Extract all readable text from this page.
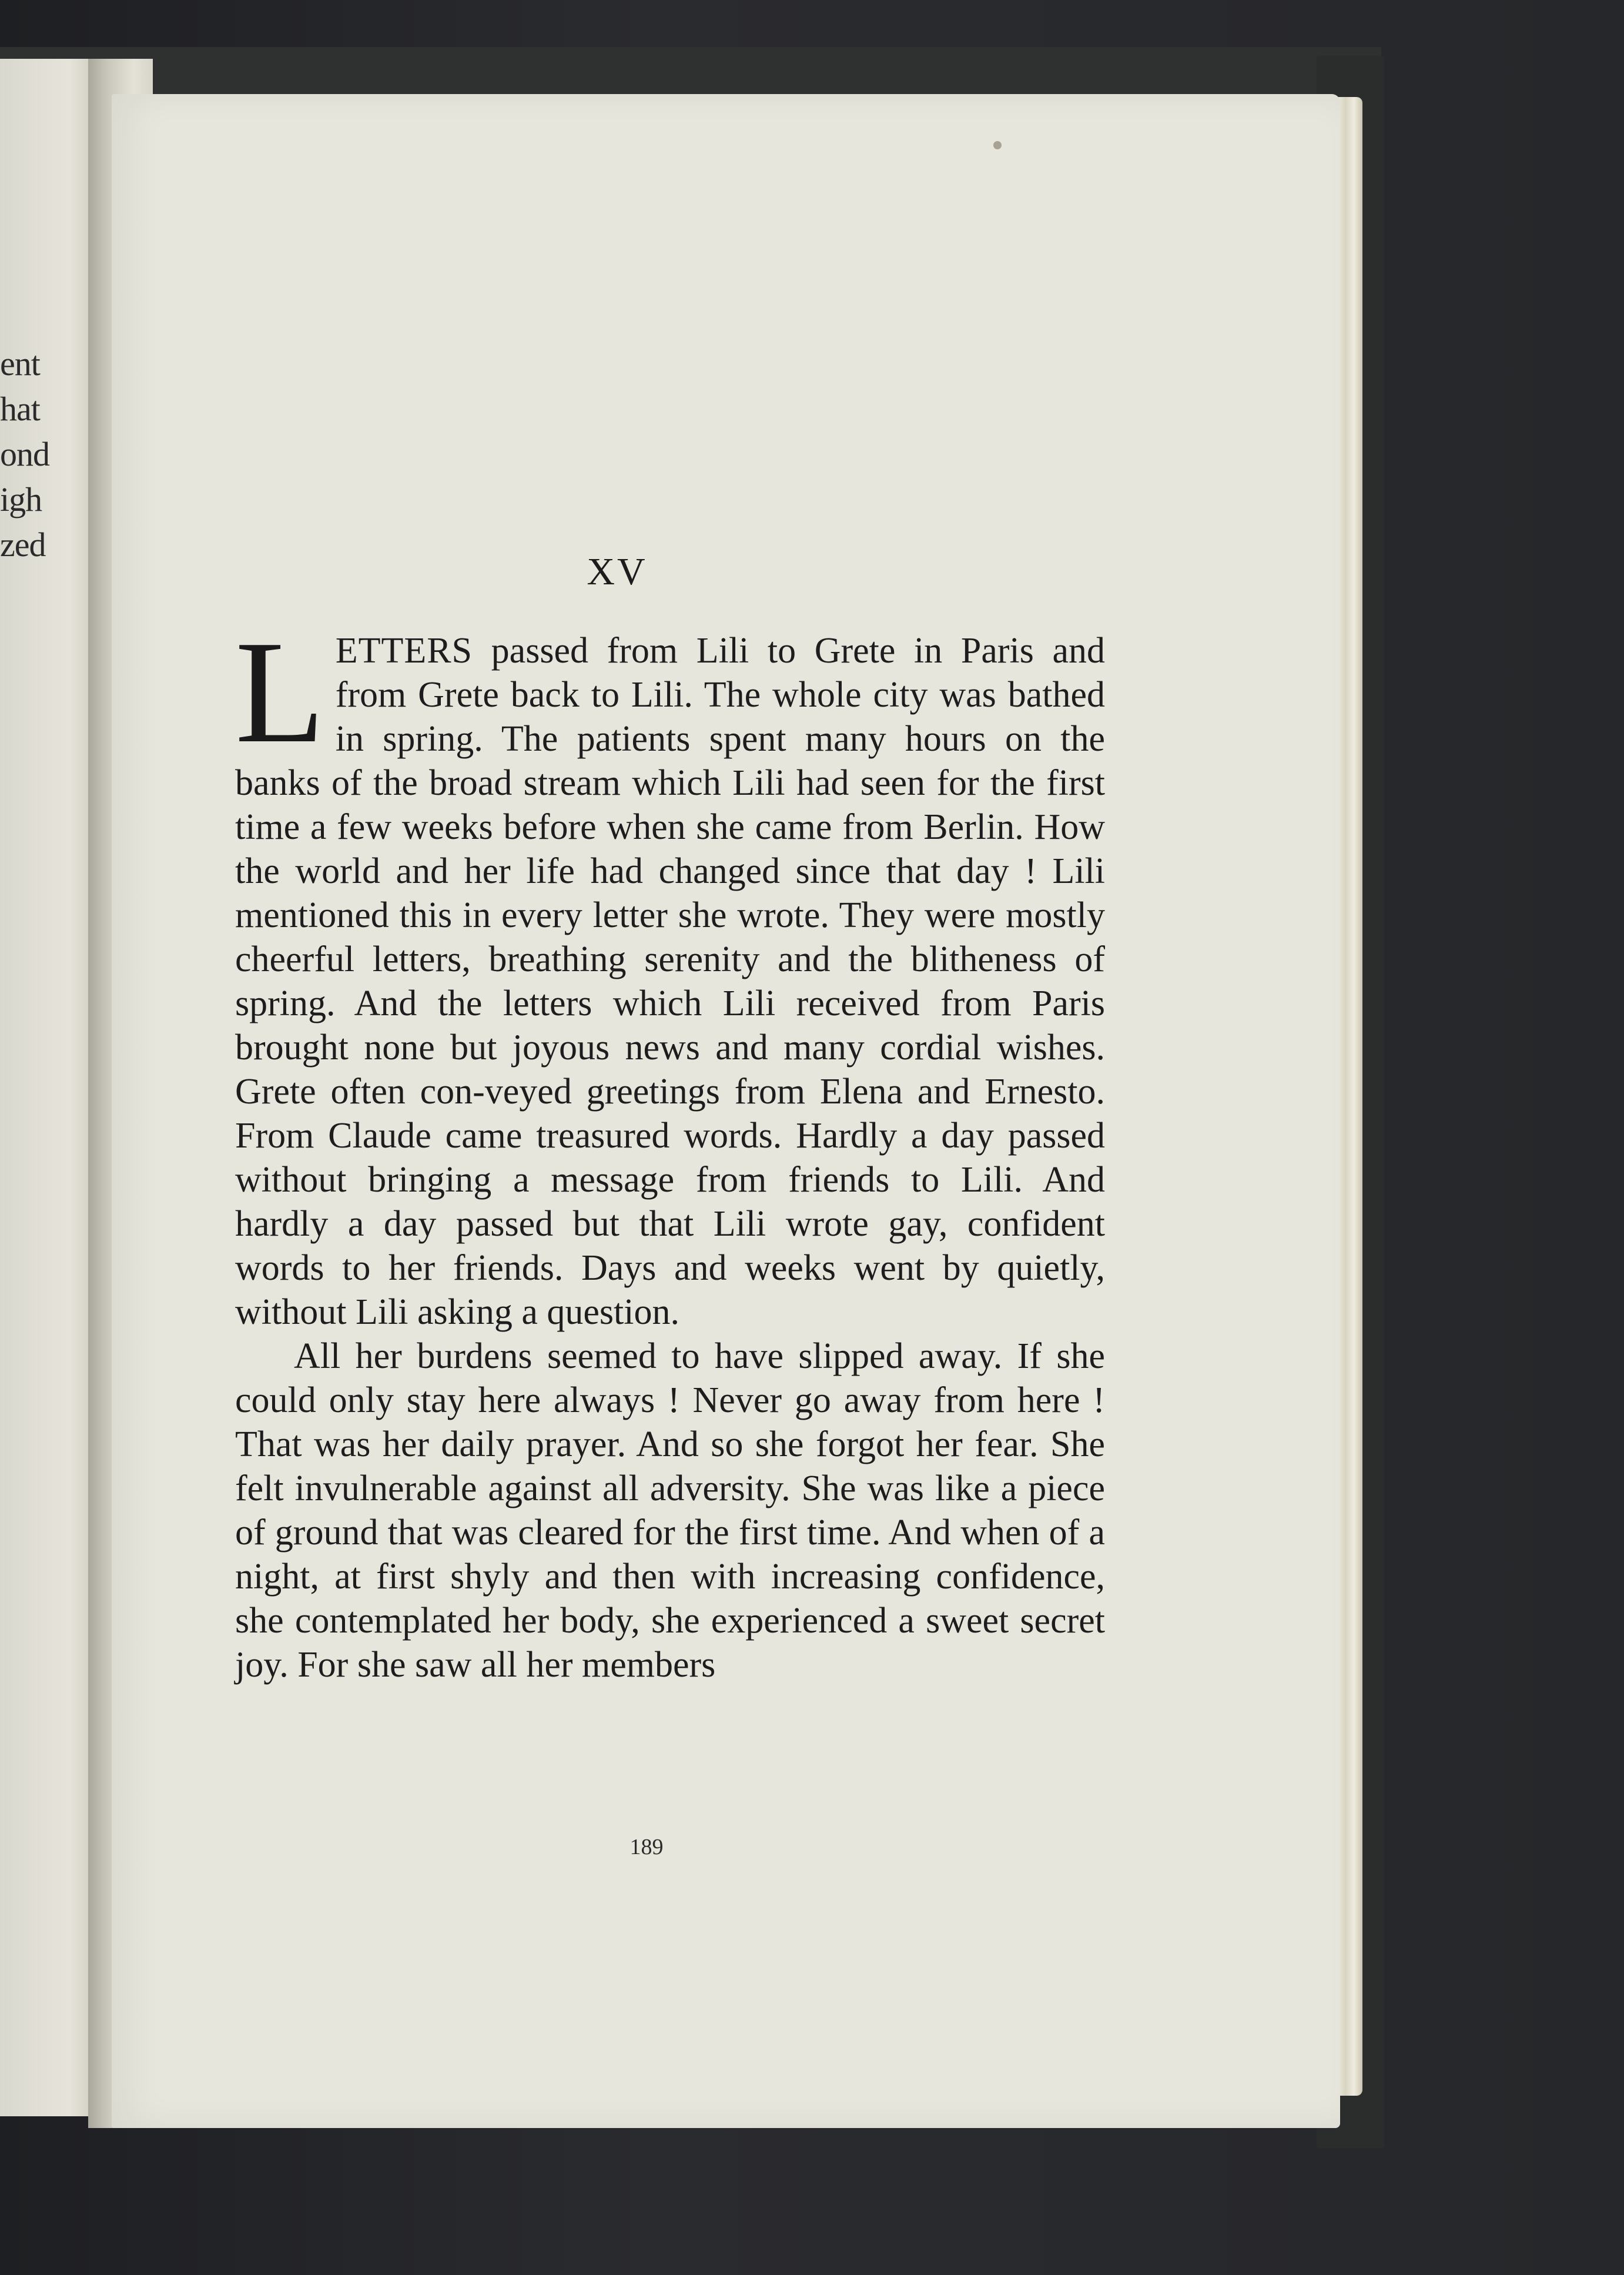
ent
hat
ond
igh
zed
XV

LETTERS passed from Lili to Grete in Paris and from Grete back to Lili. The whole city was bathed in spring. The patients spent many hours on the banks of the broad stream which Lili had seen for the first time a few weeks before when she came from Berlin. How the world and her life had changed since that day ! Lili mentioned this in every letter she wrote. They were mostly cheerful letters, breathing serenity and the blitheness of spring. And the letters which Lili received from Paris brought none but joyous news and many cordial wishes. Grete often con-veyed greetings from Elena and Ernesto. From Claude came treasured words. Hardly a day passed without bringing a message from friends to Lili. And hardly a day passed but that Lili wrote gay, confident words to her friends. Days and weeks went by quietly, without Lili asking a question.

All her burdens seemed to have slipped away. If she could only stay here always ! Never go away from here ! That was her daily prayer. And so she forgot her fear. She felt invulnerable against all adversity. She was like a piece of ground that was cleared for the first time. And when of a night, at first shyly and then with increasing confidence, she contemplated her body, she experienced a sweet secret joy. For she saw all her members

189
